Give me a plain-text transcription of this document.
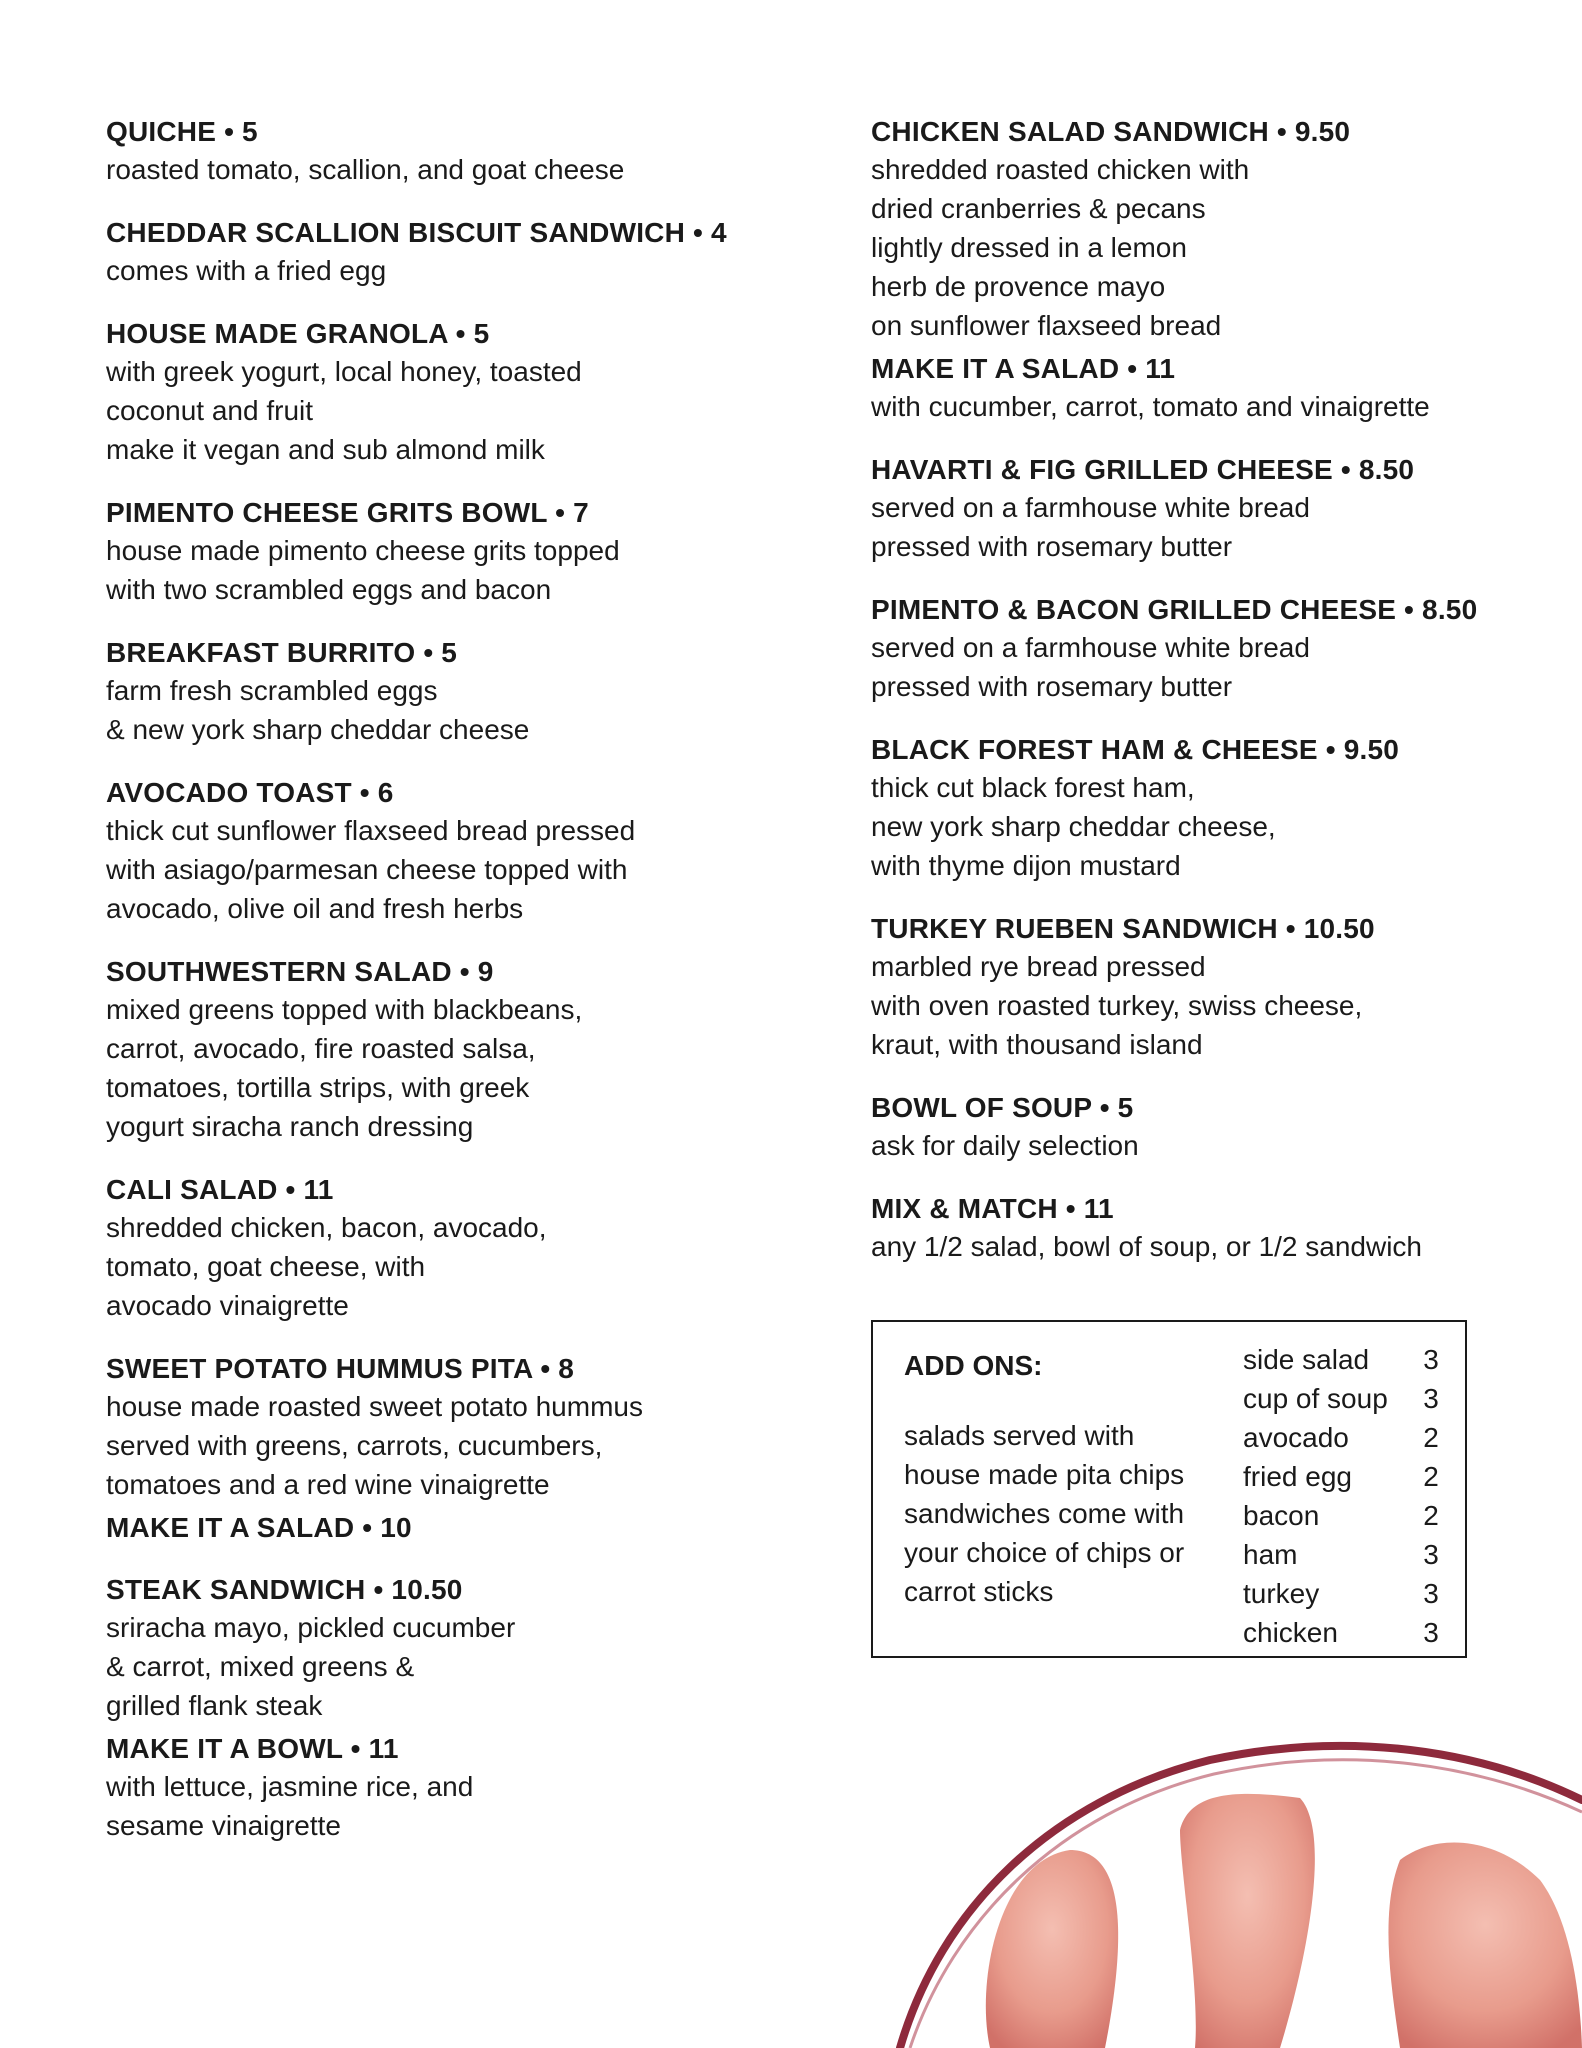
QUICHE • 5
roasted tomato, scallion, and goat cheese
CHEDDAR SCALLION BISCUIT SANDWICH • 4
comes with a fried egg
HOUSE MADE GRANOLA • 5
with greek yogurt, local honey, toasted
coconut and fruit
make it vegan and sub almond milk
PIMENTO CHEESE GRITS BOWL • 7
house made pimento cheese grits topped
with two scrambled eggs and bacon
BREAKFAST BURRITO • 5
farm fresh scrambled eggs
& new york sharp cheddar cheese
AVOCADO TOAST • 6
thick cut sunflower flaxseed bread pressed
with asiago/parmesan cheese topped with
avocado, olive oil and fresh herbs
SOUTHWESTERN SALAD • 9
mixed greens topped with blackbeans,
carrot, avocado, fire roasted salsa,
tomatoes, tortilla strips, with greek
yogurt siracha ranch dressing
CALI SALAD • 11
shredded chicken, bacon, avocado,
tomato, goat cheese, with
avocado vinaigrette
SWEET POTATO HUMMUS PITA • 8
house made roasted sweet potato hummus
served with greens, carrots, cucumbers,
tomatoes and a red wine vinaigrette
MAKE IT A SALAD • 10
STEAK SANDWICH • 10.50
sriracha mayo, pickled cucumber
& carrot, mixed greens &
grilled flank steak
MAKE IT A BOWL • 11
with lettuce, jasmine rice, and
sesame vinaigrette
CHICKEN SALAD SANDWICH • 9.50
shredded roasted chicken with
dried cranberries & pecans
lightly dressed in a lemon
herb de provence mayo
on sunflower flaxseed bread
MAKE IT A SALAD • 11
with cucumber, carrot, tomato and vinaigrette
HAVARTI & FIG GRILLED CHEESE • 8.50
served on a farmhouse white bread
pressed with rosemary butter
PIMENTO & BACON GRILLED CHEESE • 8.50
served on a farmhouse white bread
pressed with rosemary butter
BLACK FOREST HAM & CHEESE • 9.50
thick cut black forest ham,
new york sharp cheddar cheese,
with thyme dijon mustard
TURKEY RUEBEN SANDWICH • 10.50
marbled rye bread pressed
with oven roasted turkey, swiss cheese,
kraut, with thousand island
BOWL OF SOUP • 5
ask for daily selection
MIX & MATCH • 11
any 1/2 salad, bowl of soup, or 1/2 sandwich
ADD ONS:
salads served with
house made pita chips
sandwiches come with
your choice of chips or
carrot sticks
side salad 3
cup of soup 3
avocado	2
fried egg	2
bacon	2
ham	3
turkey	3
chicken	3
